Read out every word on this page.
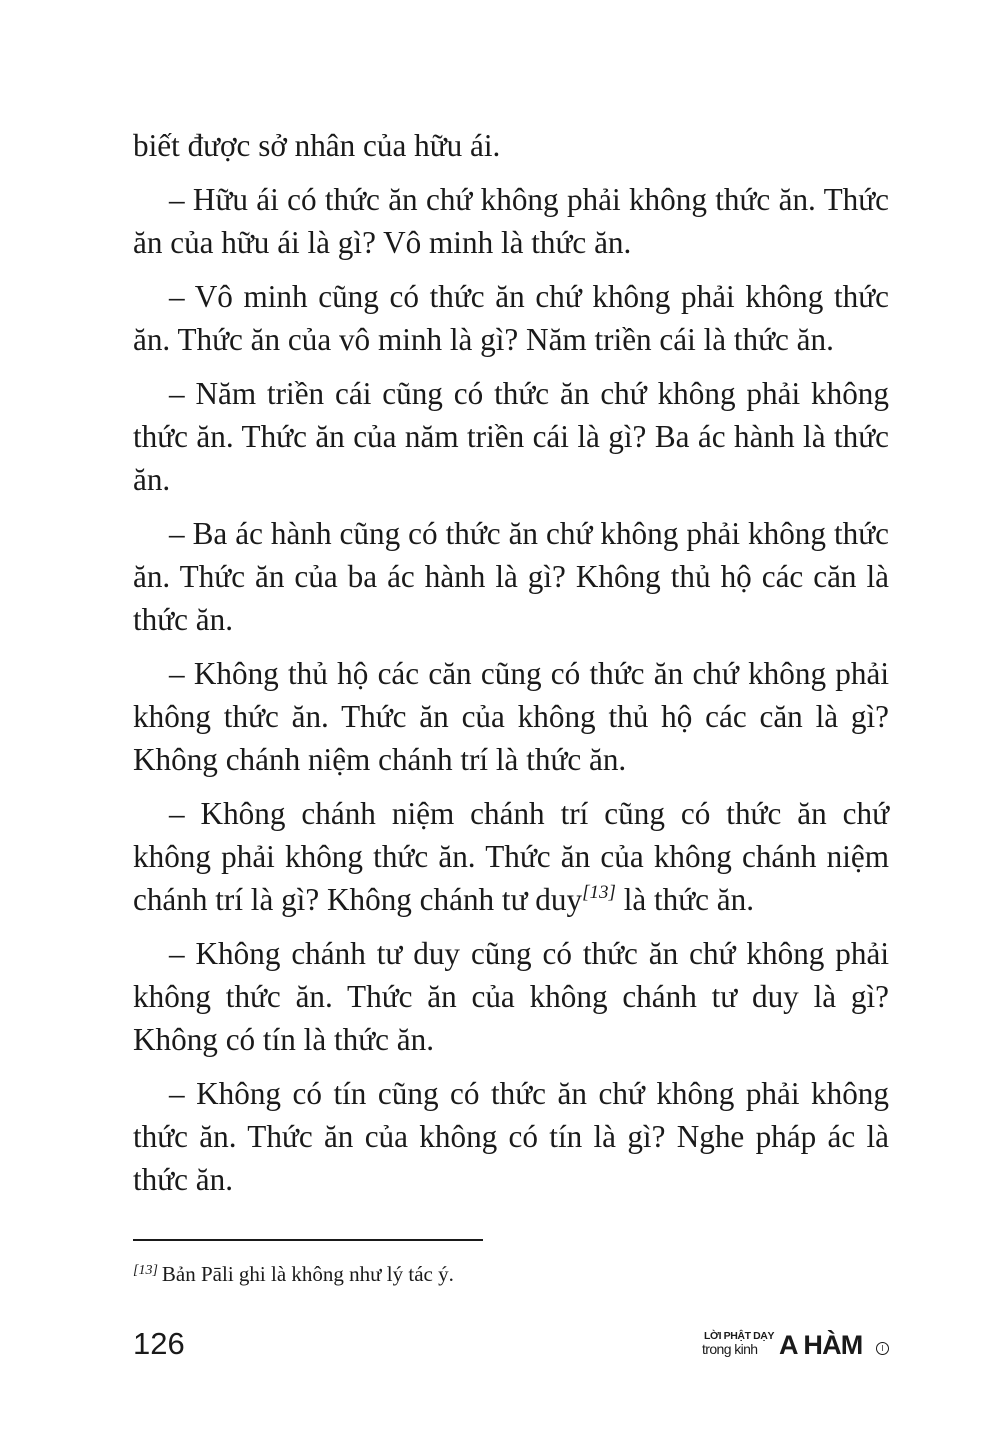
biết được sở nhân của hữu ái.

– Hữu ái có thức ăn chứ không phải không thức ăn. Thức ăn của hữu ái là gì? Vô minh là thức ăn.

– Vô minh cũng có thức ăn chứ không phải không thức ăn. Thức ăn của vô minh là gì? Năm triền cái là thức ăn.

– Năm triền cái cũng có thức ăn chứ không phải không thức ăn. Thức ăn của năm triền cái là gì? Ba ác hành là thức ăn.

– Ba ác hành cũng có thức ăn chứ không phải không thức ăn. Thức ăn của ba ác hành là gì? Không thủ hộ các căn là thức ăn.

– Không thủ hộ các căn cũng có thức ăn chứ không phải không thức ăn. Thức ăn của không thủ hộ các căn là gì? Không chánh niệm chánh trí là thức ăn.

– Không chánh niệm chánh trí cũng có thức ăn chứ không phải không thức ăn. Thức ăn của không chánh niệm chánh trí là gì? Không chánh tư duy[13] là thức ăn.

– Không chánh tư duy cũng có thức ăn chứ không phải không thức ăn. Thức ăn của không chánh tư duy là gì? Không có tín là thức ăn.

– Không có tín cũng có thức ăn chứ không phải không thức ăn. Thức ăn của không có tín là gì? Nghe pháp ác là thức ăn.

[13] Bản Pāli ghi là không như lý tác ý.
126	LỜI PHẬT DẠY
trong kinh A HÀM	I
